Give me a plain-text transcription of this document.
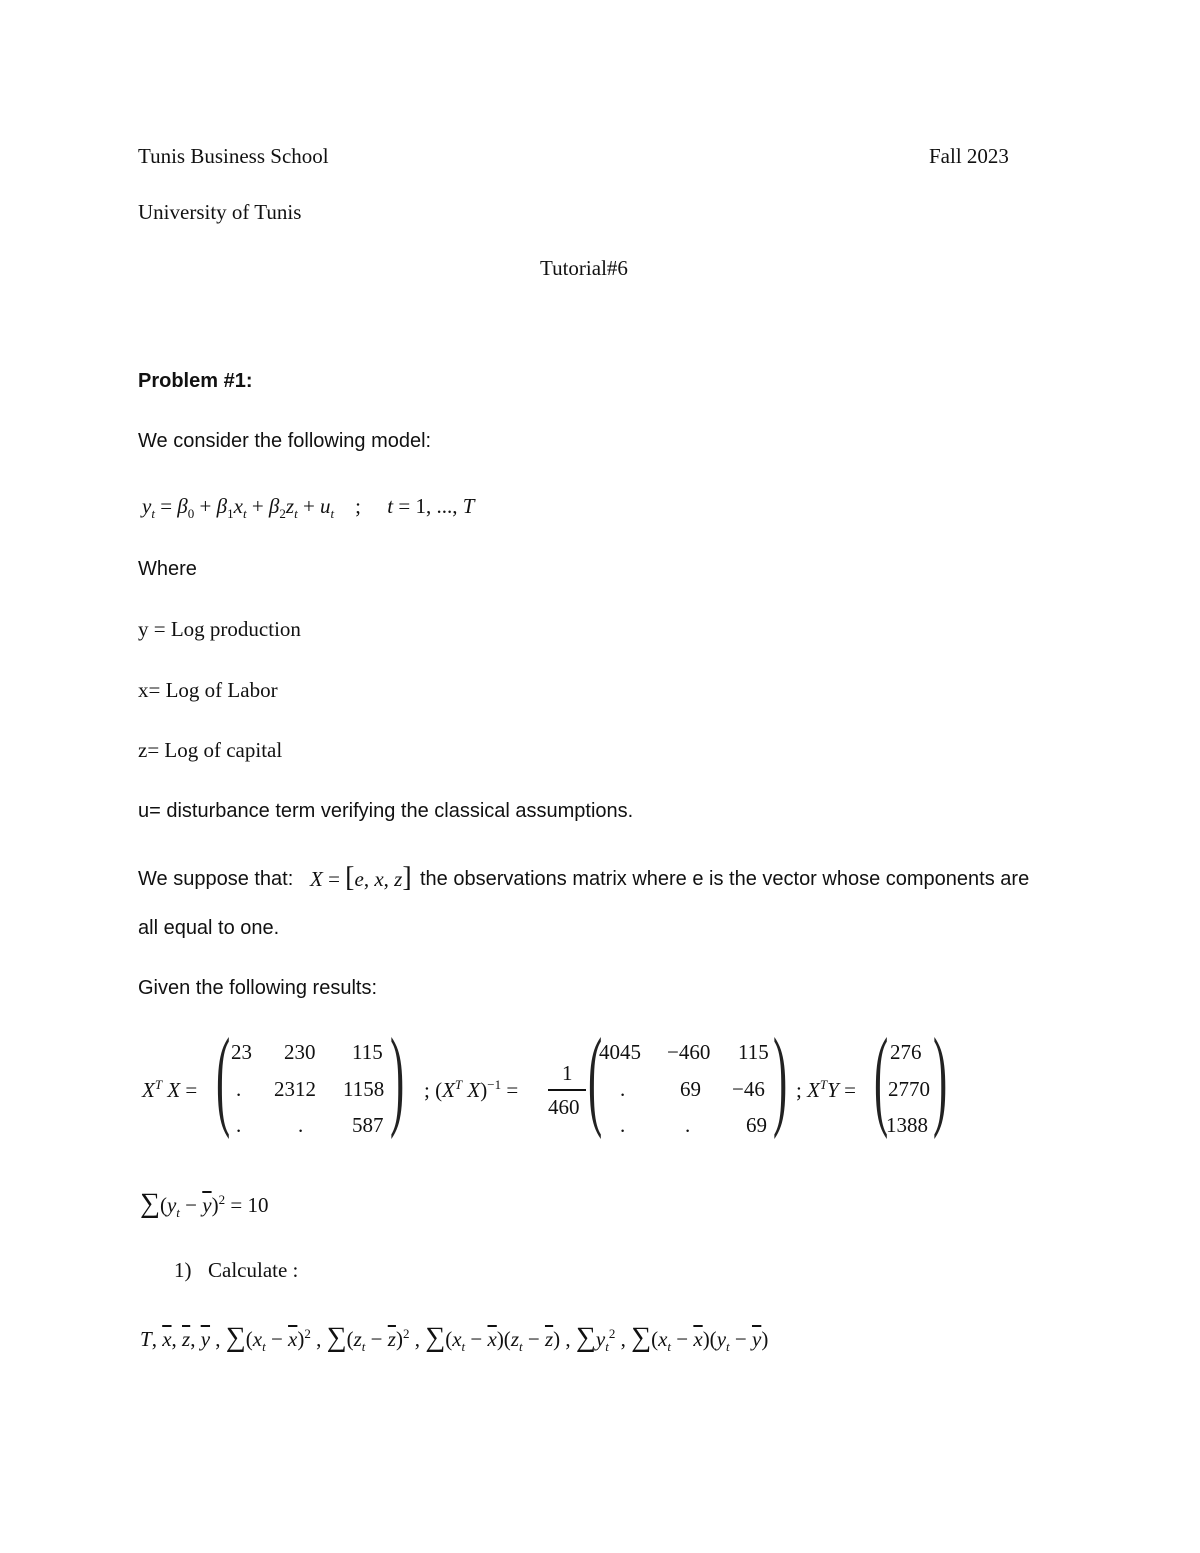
Tunis Business School	Fall 2023
University of Tunis
Tutorial#6
Problem #1:
We consider the following model:
$y_t = \beta_0 + \beta_1x_t + \beta_2z_t + u_t$    ;     t = 1, ..., T
Where
y = Log production
x= Log of Labor
z= Log of capital
u= disturbance term verifying the classical assumptions.
We suppose that: X = [e, x, z] the observations matrix where e is the vector whose components are
all equal to one.
Given the following results:
$X^T$ X = ( )
23 230 115
. 2312 1158
.	. 587
; ($X^T$ X)$^{-1}$ =
1
460 ( )
4045 −460 115
.	69 −46
.	.	69
; $X^TY$ = ( )
276
2770
1388
$\sum(y_t - \overline{y})^2 = 10$
1) Calculate :
T, $\overline{x}$, $\overline{z}$, $\overline{y}$ , $\sum(x_t - \overline{x})^2$ , $\sum(z_t - \overline{z})^2$ , $\sum(x_t - \overline{x})(z_t - \overline{z})$ , $\sum y_t^2$ , $\sum(x_t - \overline{x})(y_t - \overline{y})$
